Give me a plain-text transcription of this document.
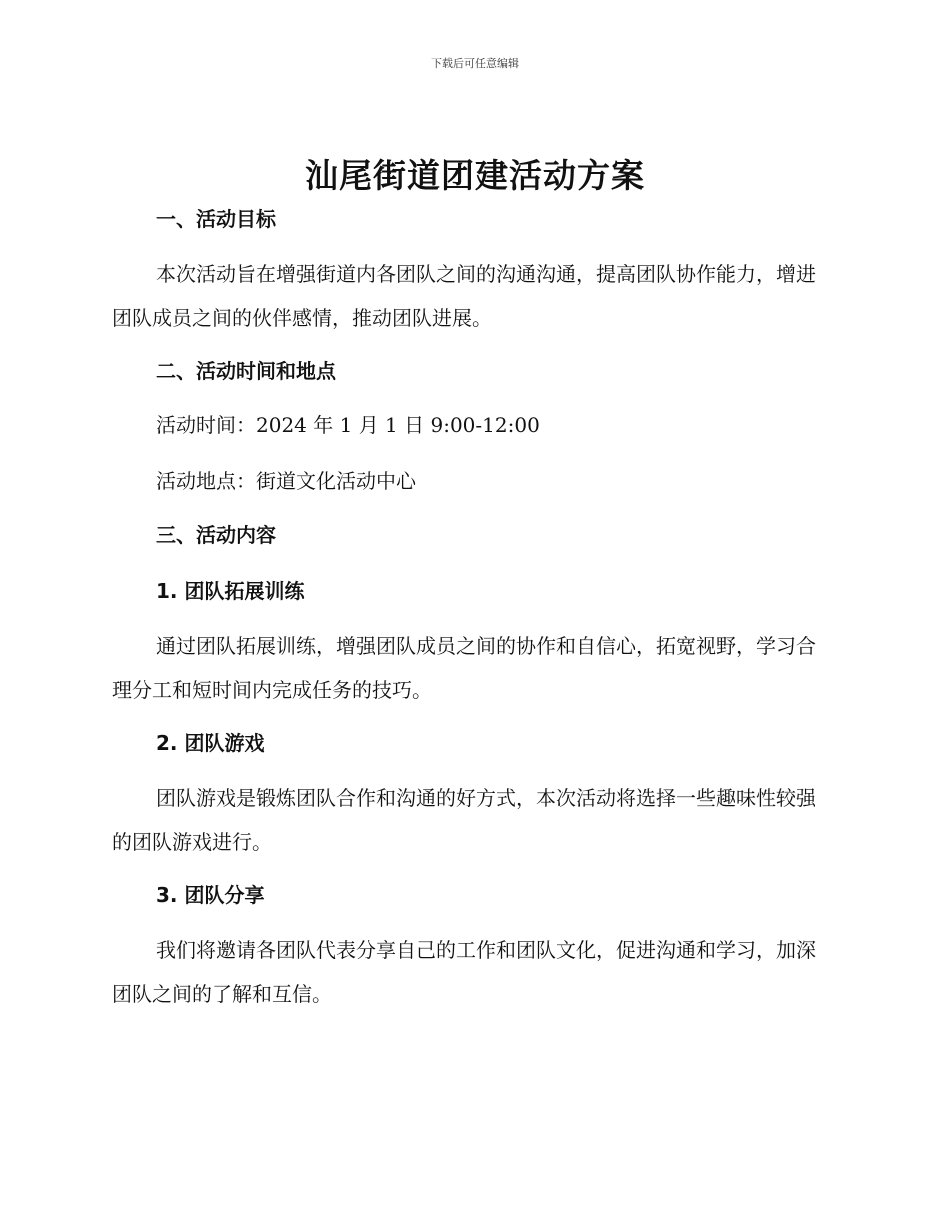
下载后可任意编辑
汕尾街道团建活动方案
一、活动目标
本次活动旨在增强街道内各团队之间的沟通沟通，提高团队协作能力，增进团队成员之间的伙伴感情，推动团队进展。
二、活动时间和地点
活动时间：2024 年 1 月 1 日 9:00-12:00
活动地点：街道文化活动中心
三、活动内容
1. 团队拓展训练
通过团队拓展训练，增强团队成员之间的协作和自信心，拓宽视野，学习合理分工和短时间内完成任务的技巧。
2. 团队游戏
团队游戏是锻炼团队合作和沟通的好方式，本次活动将选择一些趣味性较强的团队游戏进行。
3. 团队分享
我们将邀请各团队代表分享自己的工作和团队文化，促进沟通和学习，加深团队之间的了解和互信。
